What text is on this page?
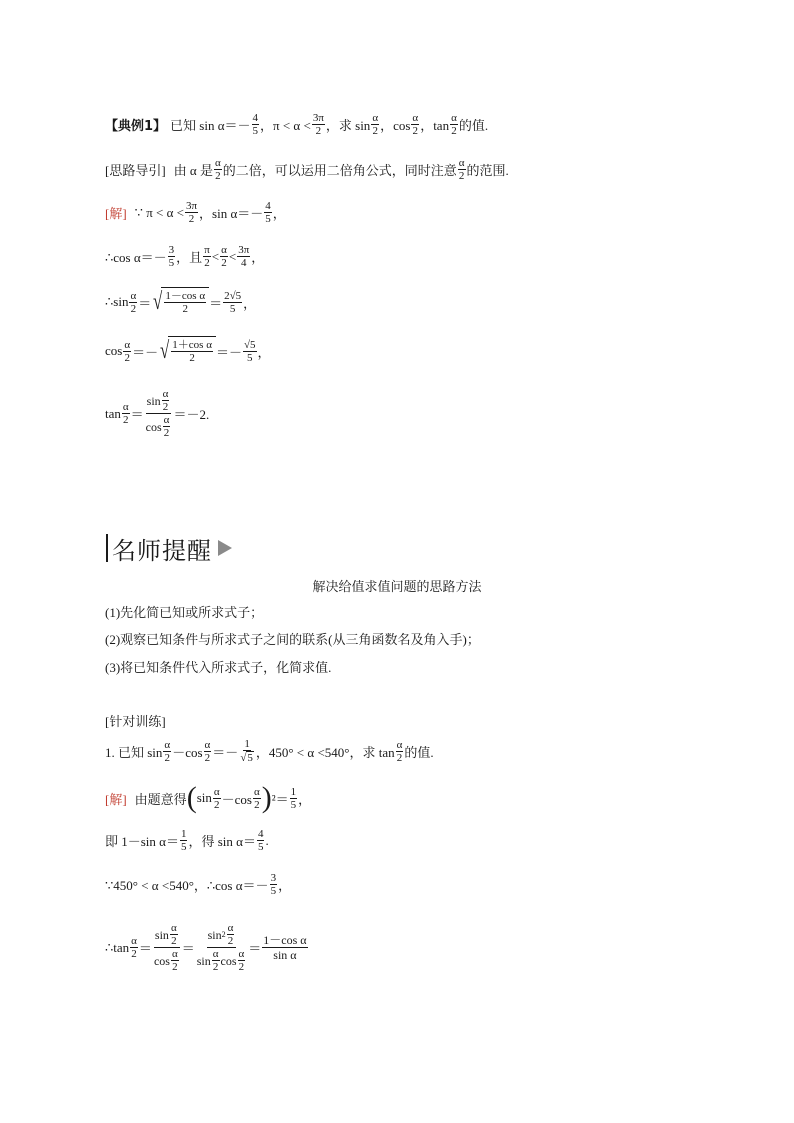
【典例1】 已知 $\sin \alpha=- \frac{4}{5}$ ，$\pi < \alpha < \frac{3\pi}{2}$ ，求 $\sin \frac{\alpha}{2}$ ，$\cos \frac{\alpha}{2}$ ，$\tan \frac{\alpha}{2}$ 的值.
[思路导引] 由 α 是 $\frac{\alpha}{2}$ 的二倍，可以运用二倍角公式，同时注意 $\frac{\alpha}{2}$ 的范围.
[解] ∵ $\pi < \alpha < \frac{3\pi}{2}$ ，$\sin \alpha=- \frac{4}{5}$ ，
∴cos $\alpha=- \frac{3}{5}$ ，且 $\frac{\pi}{2} < \frac{\alpha}{2} < \frac{3\pi}{4}$ ，
∴sin $\frac{\alpha}{2}$ ＝ √ $\frac{\text{1－cos α}}{2} = \frac{2√5}{5}$ ，
$\cos \frac{\alpha}{2}$ ＝－ √ $\frac{\text{1＋cos α}}{2} =- \frac{√5}{5}$ ，
$\tan \frac{\alpha}{2} = \frac{\sin \frac{\alpha}{2}}{\cos \frac{\alpha}{2}} =-2$.
名师提醒
解决给值求值问题的思路方法
(1)先化简已知或所求式子；
(2)观察已知条件与所求式子之间的联系(从三角函数名及角入手)；
(3)将已知条件代入所求式子，化简求值.
[针对训练]
1. 已知 $\sin \frac{\alpha}{2} -\cos \frac{\alpha}{2} =- \frac{1}{√ 5}$ ，450° < α <540°，求 $\tan \frac{\alpha}{2}$ 的值.
[解] 由题意得 ( $\sin \frac{\alpha}{2} -\cos \frac{\alpha}{2}$ ) $^2= \frac{1}{5}$ ，
即 1－sin $\alpha= \frac{1}{5}$ ，得 $\sin \alpha= \frac{4}{5}$ .
∵450° < α <540°，∴cos $\alpha=- \frac{3}{5}$ ，
∴tan $\frac{\alpha}{2} = \frac{\sin \frac{\alpha}{2}}{\cos \frac{\alpha}{2}} = \frac{\sin 2 \frac{\alpha}{2}}{\sin \frac{\alpha}{2} \cos \frac{\alpha}{2}} = \frac{\text{1－cos α}}{\text{sin α}}$
